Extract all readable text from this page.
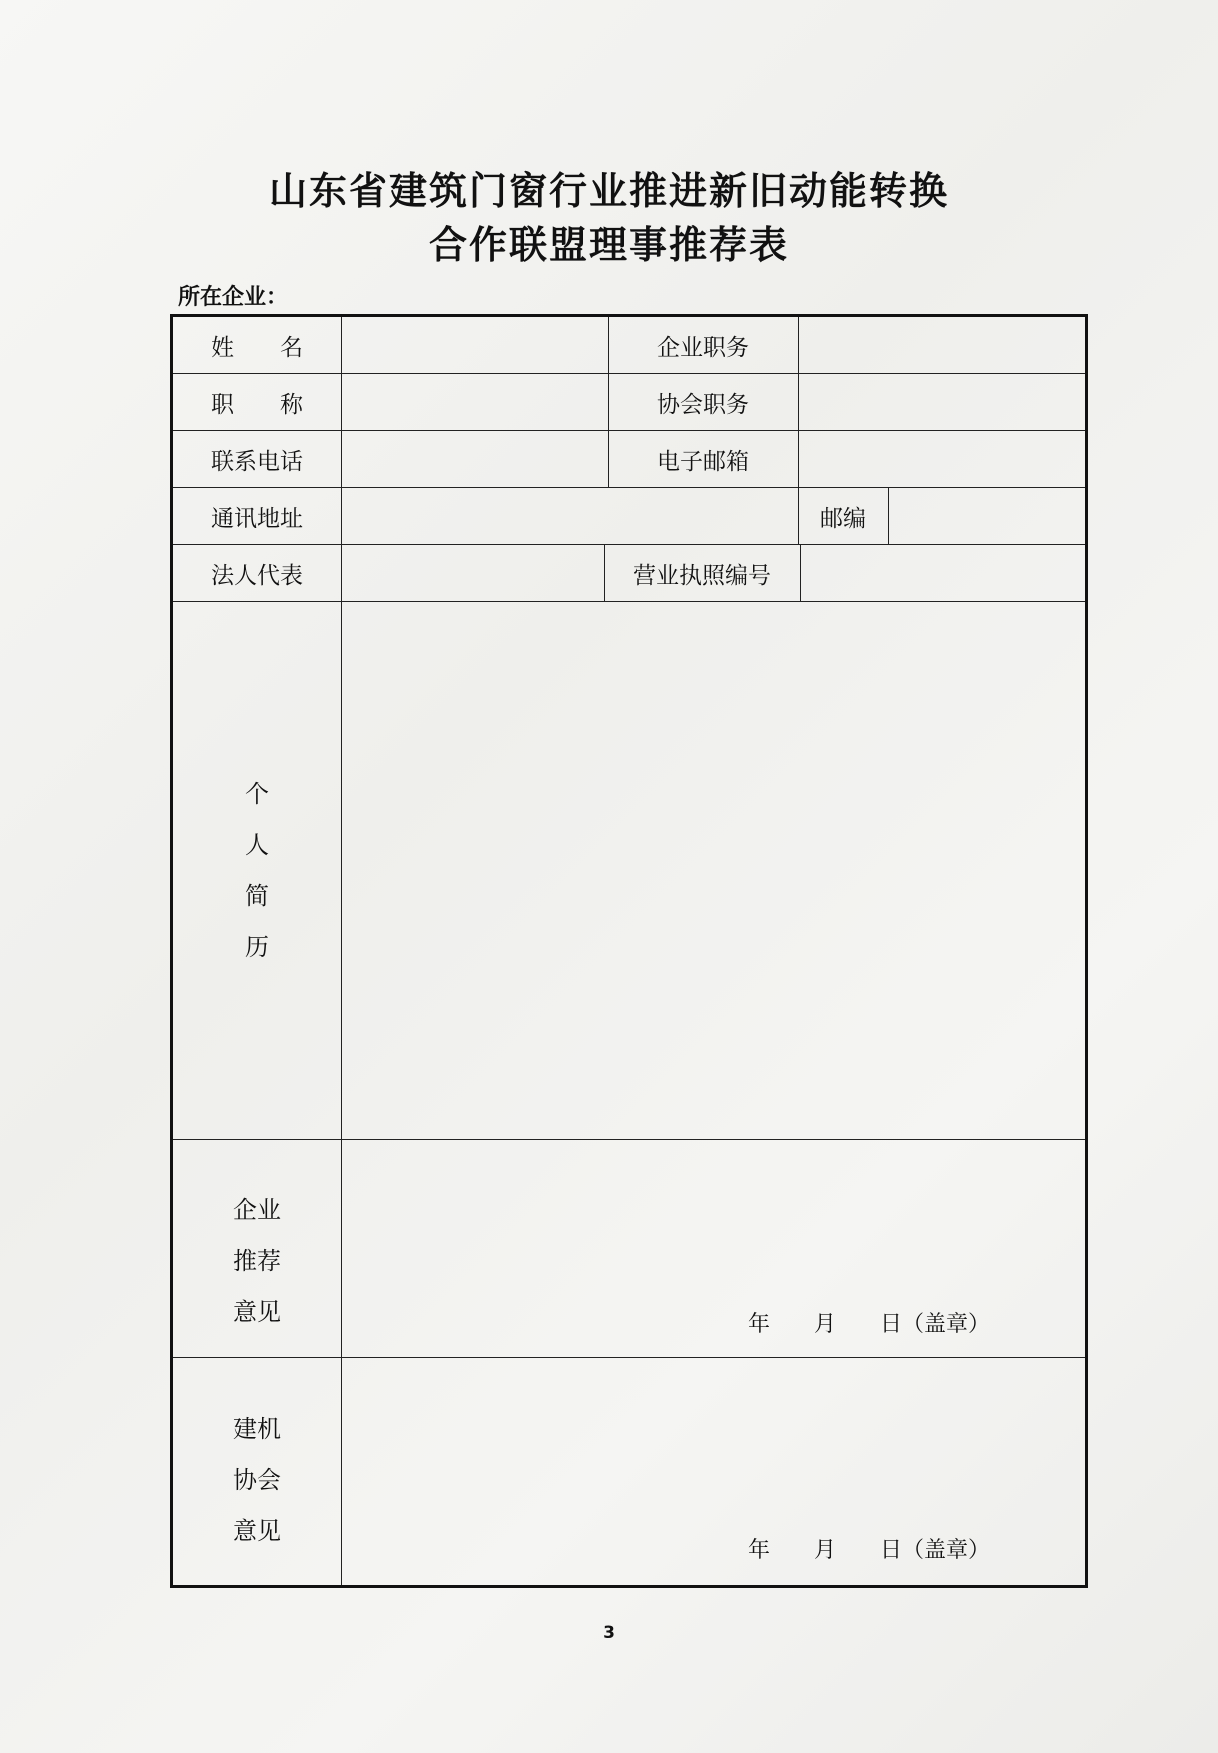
山东省建筑门窗行业推进新旧动能转换
合作联盟理事推荐表
所在企业：
姓　　名	企业职务
职　　称	协会职务
联系电话	电子邮箱
通讯地址	邮编
法人代表	营业执照编号
个
人
简
历
企业
推荐
意见	年　　月　　日（盖章）
建机
协会
意见
年　　月　　日（盖章）
3
